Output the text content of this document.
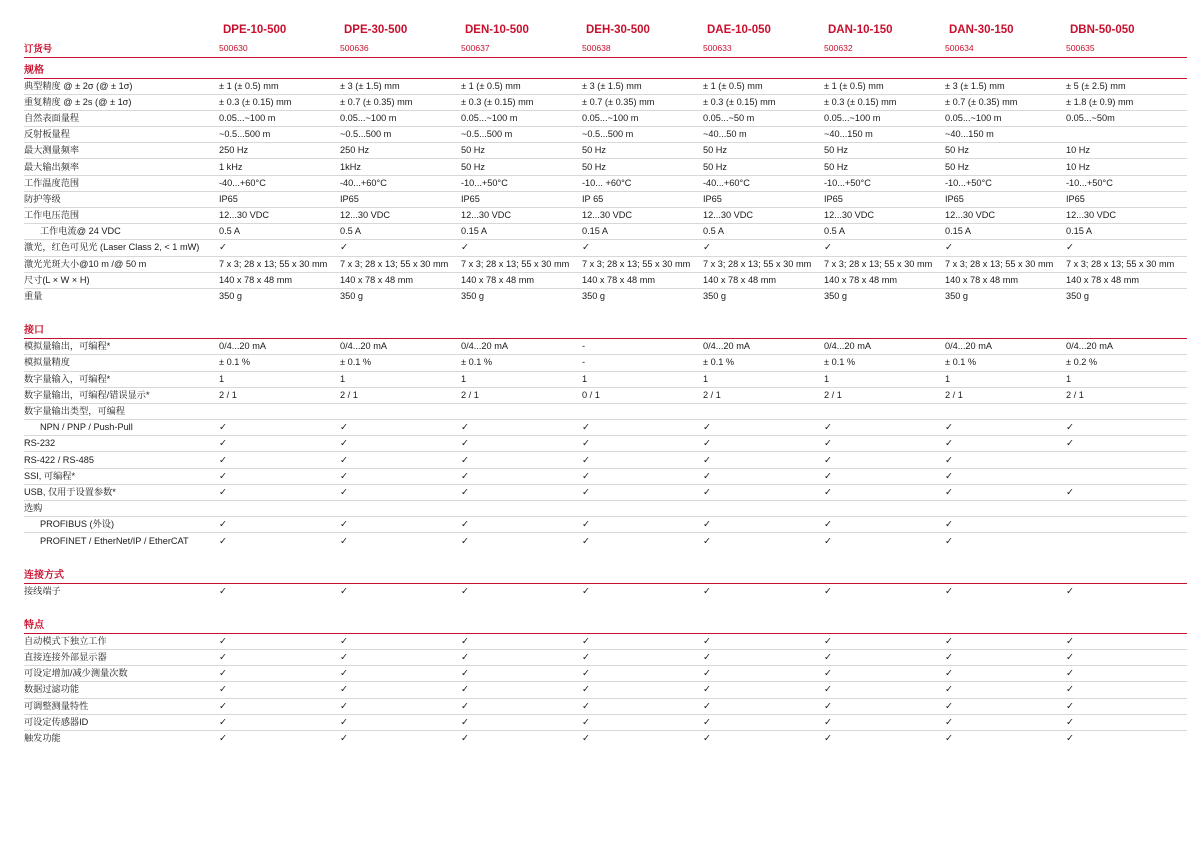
	DPE-10-500	DPE-30-500	DEN-10-500	DEH-30-500	DAE-10-050	DAN-10-150	DAN-30-150	DBN-50-050
订货号	500630	500636	500637	500638	500633	500632	500634	500635
规格								
典型精度 @ ± 2σ (@ ± 1σ)	± 1 (± 0.5) mm	± 3 (± 1.5) mm	± 1 (± 0.5) mm	± 3 (± 1.5) mm	± 1 (± 0.5) mm	± 1 (± 0.5) mm	± 3 (± 1.5) mm	± 5 (± 2.5) mm
重复精度 @ ± 2s (@ ± 1σ)	± 0.3 (± 0.15) mm	± 0.7 (± 0.35) mm	± 0.3 (± 0.15) mm	± 0.7 (± 0.35) mm	± 0.3 (± 0.15) mm	± 0.3 (± 0.15) mm	± 0.7 (± 0.35) mm	± 1.8 (± 0.9) mm
自然表面量程	0.05...~100 m	0.05...~100 m	0.05...~100 m	0.05...~100 m	0.05...~50 m	0.05...~100 m	0.05...~100 m	0.05...~50m
反射板量程	~0.5...500 m	~0.5...500 m	~0.5...500 m	~0.5...500 m	~40...50 m	~40...150 m	~40...150 m	
最大测量频率	250 Hz	250 Hz	50 Hz	50 Hz	50 Hz	50 Hz	50 Hz	10 Hz
最大输出频率	1 kHz	1kHz	50 Hz	50 Hz	50 Hz	50 Hz	50 Hz	10 Hz
工作温度范围	-40...+60°C	-40...+60°C	-10...+50°C	-10... +60°C	-40...+60°C	-10...+50°C	-10...+50°C	-10...+50°C
防护等级	IP65	IP65	IP65	IP 65	IP65	IP65	IP65	IP65
工作电压范围	12...30 VDC	12...30 VDC	12...30 VDC	12...30 VDC	12...30 VDC	12...30 VDC	12...30 VDC	12...30 VDC
工作电流@ 24 VDC	0.5 A	0.5 A	0.15 A	0.15 A	0.5 A	0.5 A	0.15 A	0.15 A
激光，红色可见光 (Laser Class 2, < 1 mW)	✓	✓	✓	✓	✓	✓	✓	✓
激光光斑大小@10 m /@ 50 m	7 x 3; 28 x 13; 55 x 30 mm	7 x 3; 28 x 13; 55 x 30 mm	7 x 3; 28 x 13; 55 x 30 mm	7 x 3; 28 x 13; 55 x 30 mm	7 x 3; 28 x 13; 55 x 30 mm	7 x 3; 28 x 13; 55 x 30 mm	7 x 3; 28 x 13; 55 x 30 mm	7 x 3; 28 x 13; 55 x 30 mm
尺寸(L × W × H)	140 x 78 x 48 mm	140 x 78 x 48 mm	140 x 78 x 48 mm	140 x 78 x 48 mm	140 x 78 x 48 mm	140 x 78 x 48 mm	140 x 78 x 48 mm	140 x 78 x 48 mm
重量	350 g	350 g	350 g	350 g	350 g	350 g	350 g	350 g

接口								
模拟量输出，可编程*	0/4...20 mA	0/4...20 mA	0/4...20 mA	-	0/4...20 mA	0/4...20 mA	0/4...20 mA	0/4...20 mA
模拟量精度	± 0.1 %	± 0.1 %	± 0.1 %	-	± 0.1 %	± 0.1 %	± 0.1 %	± 0.2 %
数字量输入，可编程*	1	1	1	1	1	1	1	1
数字量输出，可编程/错误显示*	2 / 1	2 / 1	2 / 1	0 / 1	2 / 1	2 / 1	2 / 1	2 / 1
数字量输出类型，可编程								
NPN / PNP / Push-Pull	✓	✓	✓	✓	✓	✓	✓	✓
RS-232	✓	✓	✓	✓	✓	✓	✓	✓
RS-422 / RS-485	✓	✓	✓	✓	✓	✓	✓	
SSI, 可编程*	✓	✓	✓	✓	✓	✓	✓	
USB, 仅用于设置参数*	✓	✓	✓	✓	✓	✓	✓	✓
选购								
PROFIBUS (外设)	✓	✓	✓	✓	✓	✓	✓	
PROFINET / EtherNet/IP / EtherCAT	✓	✓	✓	✓	✓	✓	✓	

连接方式								
接线端子	✓	✓	✓	✓	✓	✓	✓	✓

特点								
自动模式下独立工作	✓	✓	✓	✓	✓	✓	✓	✓
直接连接外部显示器	✓	✓	✓	✓	✓	✓	✓	✓
可设定增加/减少测量次数	✓	✓	✓	✓	✓	✓	✓	✓
数据过滤功能	✓	✓	✓	✓	✓	✓	✓	✓
可调整测量特性	✓	✓	✓	✓	✓	✓	✓	✓
可设定传感器ID	✓	✓	✓	✓	✓	✓	✓	✓
触发功能	✓	✓	✓	✓	✓	✓	✓	✓
